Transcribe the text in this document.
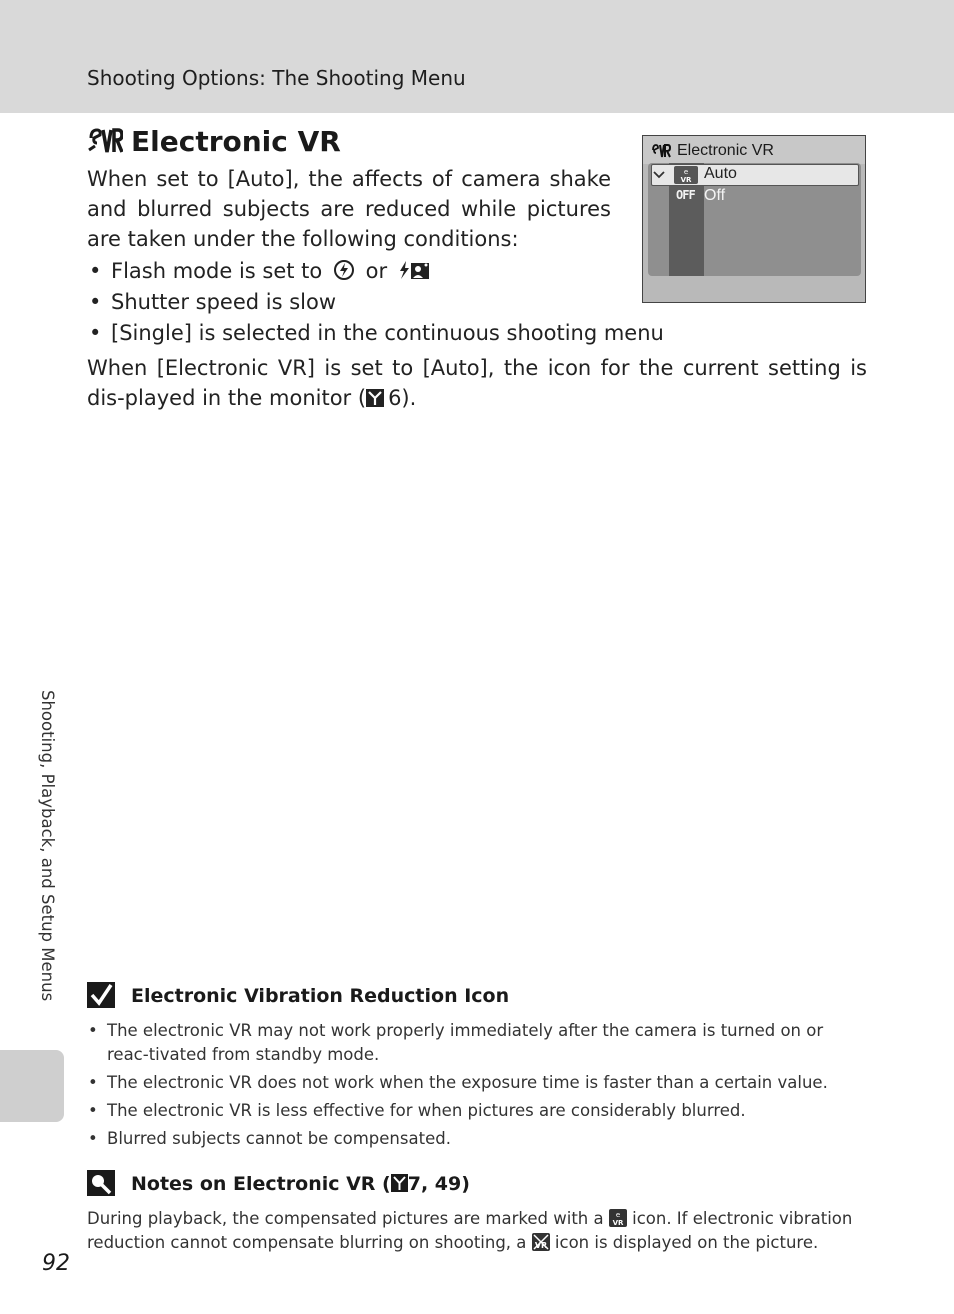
Shooting Options: The Shooting Menu
Electronic VR

When set to [Auto], the affects of camera shake and blurred subjects are reduced while pictures are taken under the following conditions:

• Flash mode is set to or
• Shutter speed is slow
• [Single] is selected in the continuous shooting menu

When [Electronic VR] is set to [Auto], the icon for the current setting is dis-played in the monitor ( 6).

Electronic VR
e
VR Auto
OFF Off
Electronic Vibration Reduction Icon
• The electronic VR may not work properly immediately after the camera is turned on or reac-tivated from standby mode.
• The electronic VR does not work when the exposure time is faster than a certain value.
• The electronic VR is less effective for when pictures are considerably blurred.
• Blurred subjects cannot be compensated.
Notes on Electronic VR ( 7, 49)

During playback, the compensated pictures are marked with a e
VR icon. If electronic vibration reduction cannot compensate blurring on shooting, a VR icon is displayed on the picture.

Shooting, Playback, and Setup Menus
92
